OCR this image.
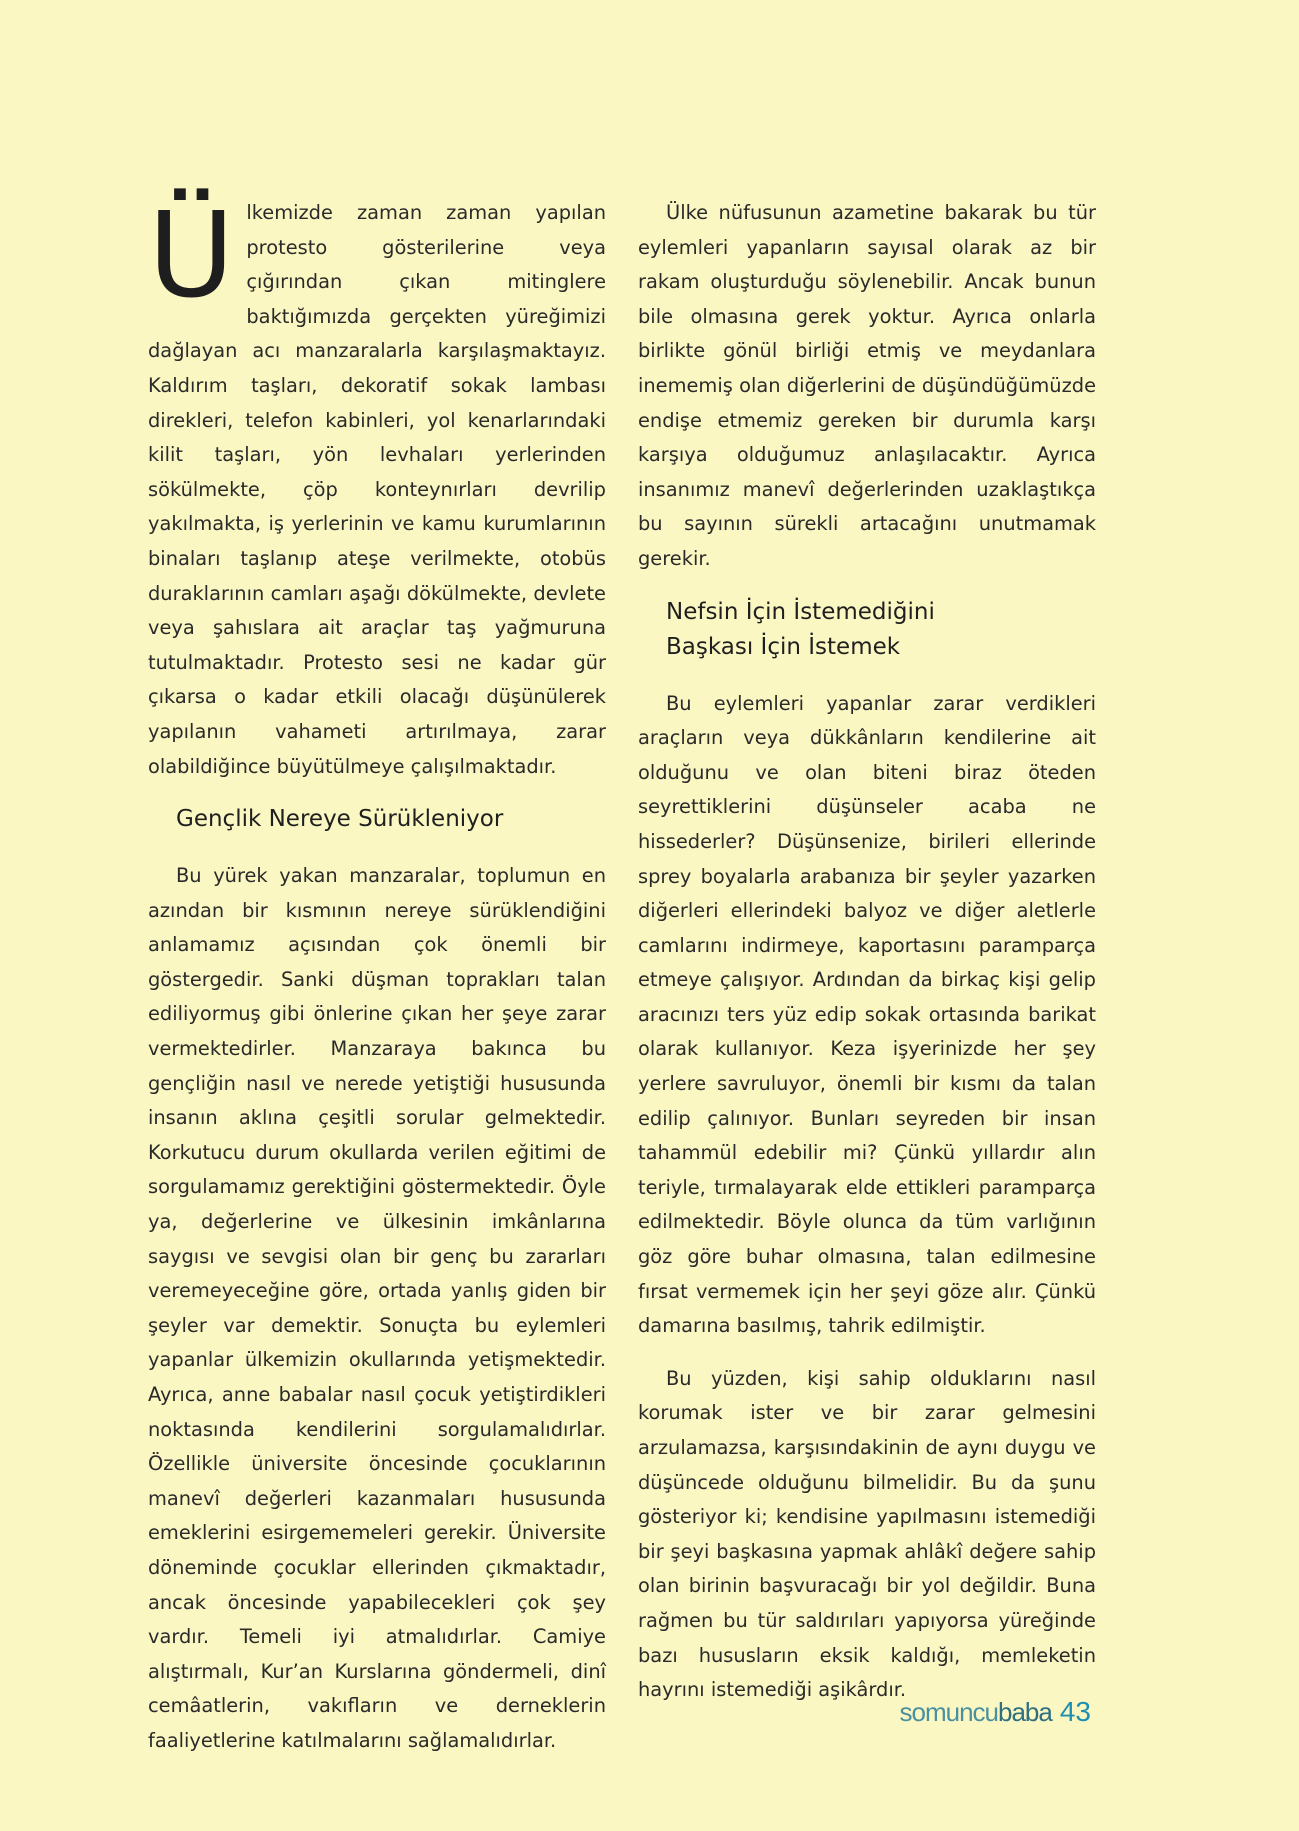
Ülkemizde zaman zaman yapılan protesto gösterilerine veya çığırından çıkan mitinglere baktığımızda gerçekten yüreğimizi dağlayan acı manzaralarla karşılaşmaktayız. Kaldırım taşları, dekoratif sokak lambası direkleri, telefon kabinleri, yol kenarlarındaki kilit taşları, yön levhaları yerlerinden sökülmekte, çöp konteynırları devrilip yakılmakta, iş yerlerinin ve kamu kurumlarının binaları taşlanıp ateşe verilmekte, otobüs duraklarının camları aşağı dökülmekte, devlete veya şahıslara ait araçlar taş yağmuruna tutulmaktadır. Protesto sesi ne kadar gür çıkarsa o kadar etkili olacağı düşünülerek yapılanın vahameti artırılmaya, zarar olabildiğince büyütülmeye çalışılmaktadır.

Gençlik Nereye Sürükleniyor

Bu yürek yakan manzaralar, toplumun en azından bir kısmının nereye sürüklendiğini anlamamız açısından çok önemli bir göstergedir. Sanki düşman toprakları talan ediliyormuş gibi önlerine çıkan her şeye zarar vermektedirler. Manzaraya bakınca bu gençliğin nasıl ve nerede yetiştiği hususunda insanın aklına çeşitli sorular gelmektedir. Korkutucu durum okullarda verilen eğitimi de sorgulamamız gerektiğini göstermektedir. Öyle ya, değerlerine ve ülkesinin imkânlarına saygısı ve sevgisi olan bir genç bu zararları veremeyeceğine göre, ortada yanlış giden bir şeyler var demektir. Sonuçta bu eylemleri yapanlar ülkemizin okullarında yetişmektedir. Ayrıca, anne babalar nasıl çocuk yetiştirdikleri noktasında kendilerini sorgulamalıdırlar. Özellikle üniversite öncesinde çocuklarının manevî değerleri kazanmaları hususunda emeklerini esirgememeleri gerekir. Üniversite döneminde çocuklar ellerinden çıkmaktadır, ancak öncesinde yapabilecekleri çok şey vardır. Temeli iyi atmalıdırlar. Camiye alıştırmalı, Kur’an Kurslarına göndermeli, dinî cemâatlerin, vakıfların ve derneklerin faaliyetlerine katılmalarını sağlamalıdırlar.

Ülke nüfusunun azametine bakarak bu tür eylemleri yapanların sayısal olarak az bir rakam oluşturduğu söylenebilir. Ancak bunun bile olmasına gerek yoktur. Ayrıca onlarla birlikte gönül birliği etmiş ve meydanlara inememiş olan diğerlerini de düşündüğümüzde endişe etmemiz gereken bir durumla karşı karşıya olduğumuz anlaşılacaktır. Ayrıca insanımız manevî değerlerinden uzaklaştıkça bu sayının sürekli artacağını unutmamak gerekir.

Nefsin İçin İstemediğini
Başkası İçin İstemek

Bu eylemleri yapanlar zarar verdikleri araçların veya dükkânların kendilerine ait olduğunu ve olan biteni biraz öteden seyrettiklerini düşünseler acaba ne hissederler? Düşünsenize, birileri ellerinde sprey boyalarla arabanıza bir şeyler yazarken diğerleri ellerindeki balyoz ve diğer aletlerle camlarını indirmeye, kaportasını paramparça etmeye çalışıyor. Ardından da birkaç kişi gelip aracınızı ters yüz edip sokak ortasında barikat olarak kullanıyor. Keza işyerinizde her şey yerlere savruluyor, önemli bir kısmı da talan edilip çalınıyor. Bunları seyreden bir insan tahammül edebilir mi? Çünkü yıllardır alın teriyle, tırmalayarak elde ettikleri paramparça edilmektedir. Böyle olunca da tüm varlığının göz göre buhar olmasına, talan edilmesine fırsat vermemek için her şeyi göze alır. Çünkü damarına basılmış, tahrik edilmiştir.

Bu yüzden, kişi sahip olduklarını nasıl korumak ister ve bir zarar gelmesini arzulamazsa, karşısındakinin de aynı duygu ve düşüncede olduğunu bilmelidir. Bu da şunu gösteriyor ki; kendisine yapılmasını istemediği bir şeyi başkasına yapmak ahlâkî değere sahip olan birinin başvuracağı bir yol değildir. Buna rağmen bu tür saldırıları yapıyorsa yüreğinde bazı hususların eksik kaldığı, memleketin hayrını istemediği aşikârdır.

somuncubaba 43
